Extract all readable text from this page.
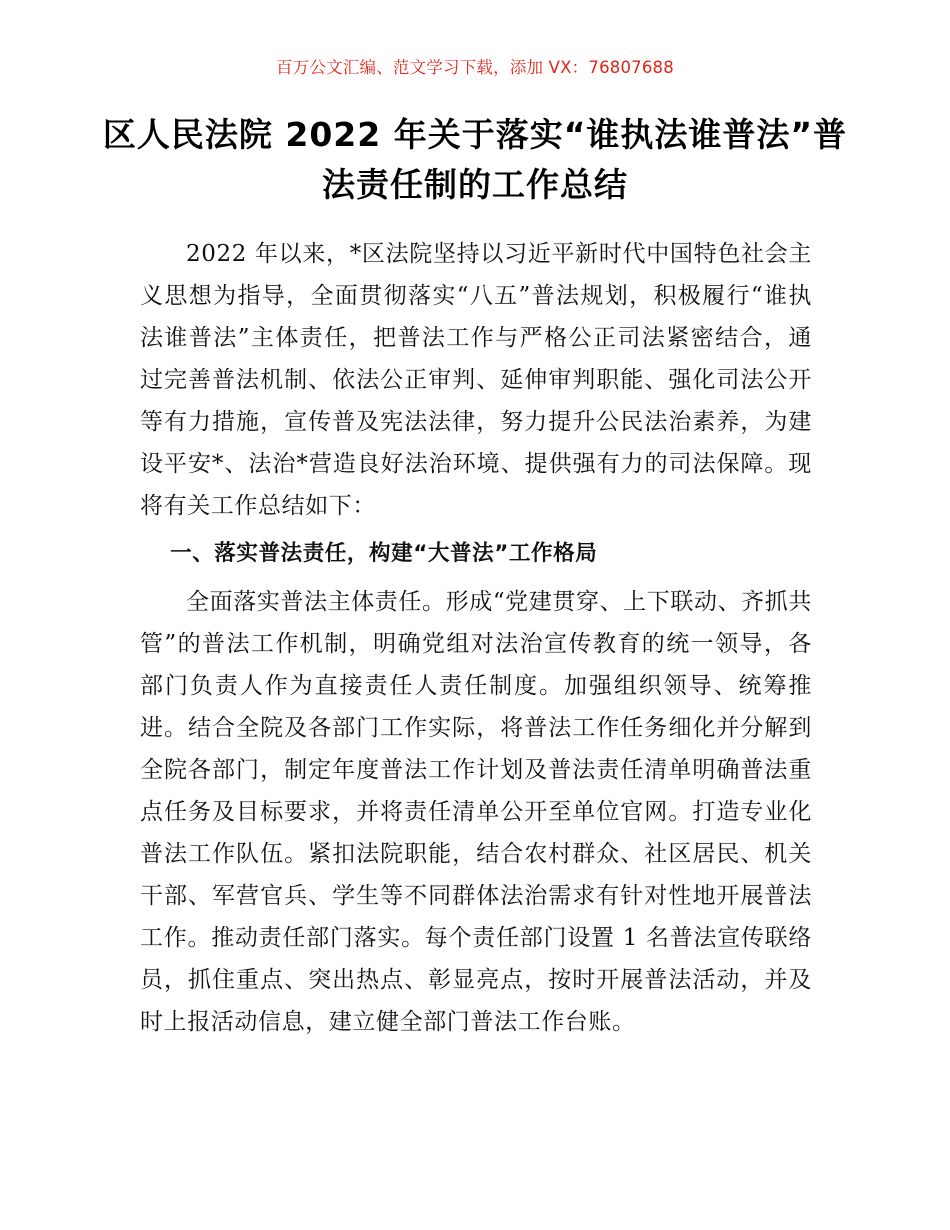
百万公文汇编、范文学习下载，添加 VX：76807688
区人民法院 2022 年关于落实“谁执法谁普法”普法责任制的工作总结

2022 年以来，*区法院坚持以习近平新时代中国特色社会主义思想为指导，全面贯彻落实“八五”普法规划，积极履行“谁执法谁普法”主体责任，把普法工作与严格公正司法紧密结合，通过完善普法机制、依法公正审判、延伸审判职能、强化司法公开等有力措施，宣传普及宪法法律，努力提升公民法治素养，为建设平安*、法治*营造良好法治环境、提供强有力的司法保障。现将有关工作总结如下：

一、落实普法责任，构建“大普法”工作格局

全面落实普法主体责任。形成“党建贯穿、上下联动、齐抓共管”的普法工作机制，明确党组对法治宣传教育的统一领导，各部门负责人作为直接责任人责任制度。加强组织领导、统筹推进。结合全院及各部门工作实际，将普法工作任务细化并分解到全院各部门，制定年度普法工作计划及普法责任清单明确普法重点任务及目标要求，并将责任清单公开至单位官网。打造专业化普法工作队伍。紧扣法院职能，结合农村群众、社区居民、机关干部、军营官兵、学生等不同群体法治需求有针对性地开展普法工作。推动责任部门落实。每个责任部门设置 1 名普法宣传联络员，抓住重点、突出热点、彰显亮点，按时开展普法活动，并及时上报活动信息，建立健全部门普法工作台账。
